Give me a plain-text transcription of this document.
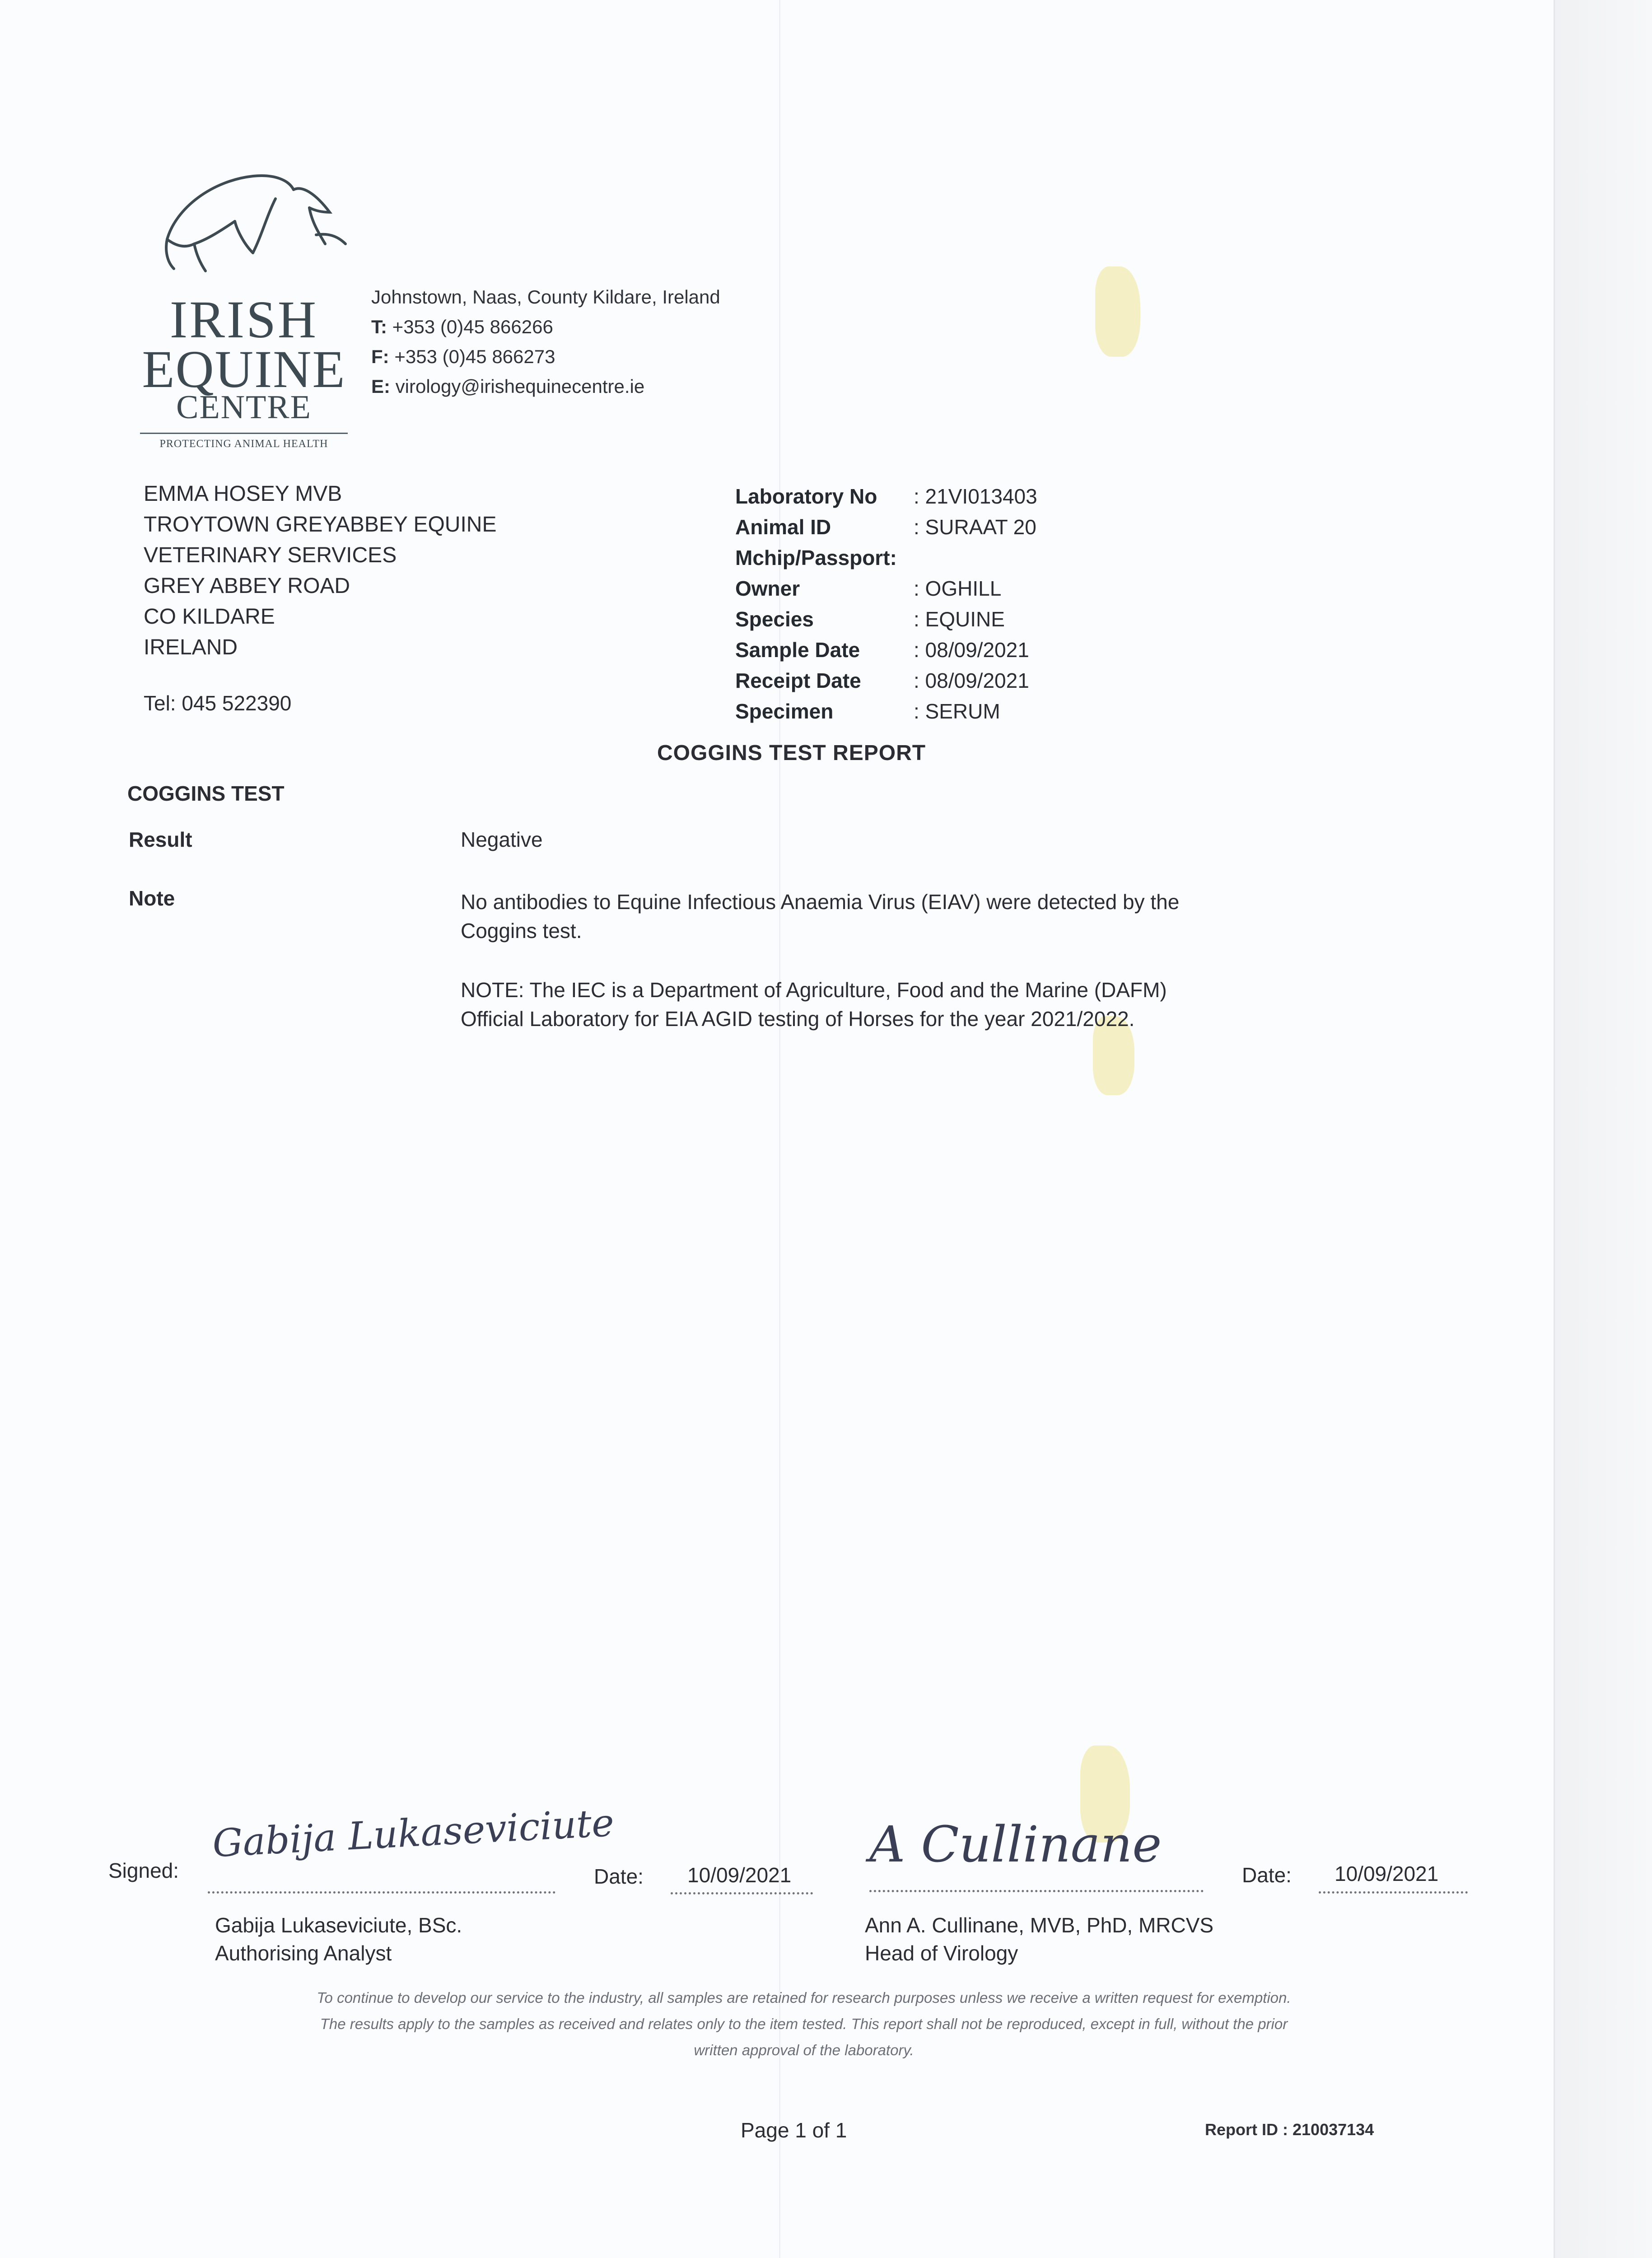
IRISH
EQUINE
CENTRE
PROTECTING ANIMAL HEALTH
Johnstown, Naas, County Kildare, Ireland
T: +353 (0)45 866266
F: +353 (0)45 866273
E: virology@irishequinecentre.ie
EMMA HOSEY MVB
TROYTOWN GREYABBEY EQUINE
VETERINARY SERVICES
GREY ABBEY ROAD
CO KILDARE
IRELAND
Tel: 045 522390
Laboratory No	: 21VI013403
Animal ID	: SURAAT 20
Mchip/Passport:
Owner	: OGHILL
Species	: EQUINE
Sample Date	: 08/09/2021
Receipt Date	: 08/09/2021
Specimen	: SERUM
COGGINS TEST REPORT
COGGINS TEST
Result	Negative
Note	No antibodies to Equine Infectious Anaemia Virus (EIAV) were detected by the Coggins test.
NOTE: The IEC is a Department of Agriculture, Food and the Marine (DAFM) Official Laboratory for EIA AGID testing of Horses for the year 2021/2022.
Signed:
Gabija Lukaseviciute
Date: 10/09/2021
Gabija Lukaseviciute, BSc.
Authorising Analyst
A Cullinane
Date: 10/09/2021
Ann A. Cullinane, MVB, PhD, MRCVS
Head of Virology
To continue to develop our service to the industry, all samples are retained for research purposes unless we receive a written request for exemption.
The results apply to the samples as received and relates only to the item tested. This report shall not be reproduced, except in full, without the prior
written approval of the laboratory.
Page 1 of 1	Report ID : 210037134
